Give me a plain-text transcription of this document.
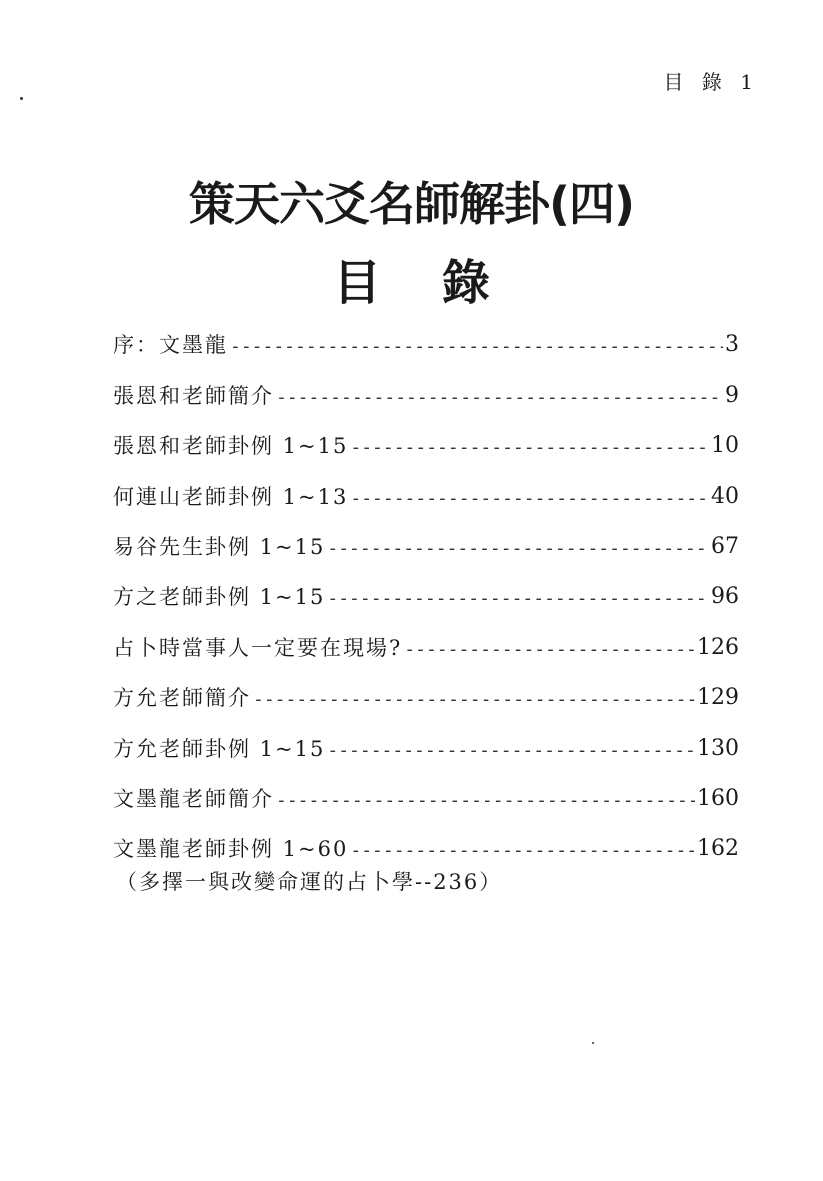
目 錄 1
策天六爻名師解卦(四)
目 錄
序：文墨龍 -----	3
張恩和老師簡介 -----	9
張恩和老師卦例 1~15 -----	10
何連山老師卦例 1~13 -----	40
易谷先生卦例 1~15 -----	67
方之老師卦例 1~15 -----	96
占卜時當事人一定要在現場? -----	126
方允老師簡介 -----	129
方允老師卦例 1~15 -----	130
文墨龍老師簡介 -----	160
文墨龍老師卦例 1~60 -----	162
（多擇一與改變命運的占卜學--236）
